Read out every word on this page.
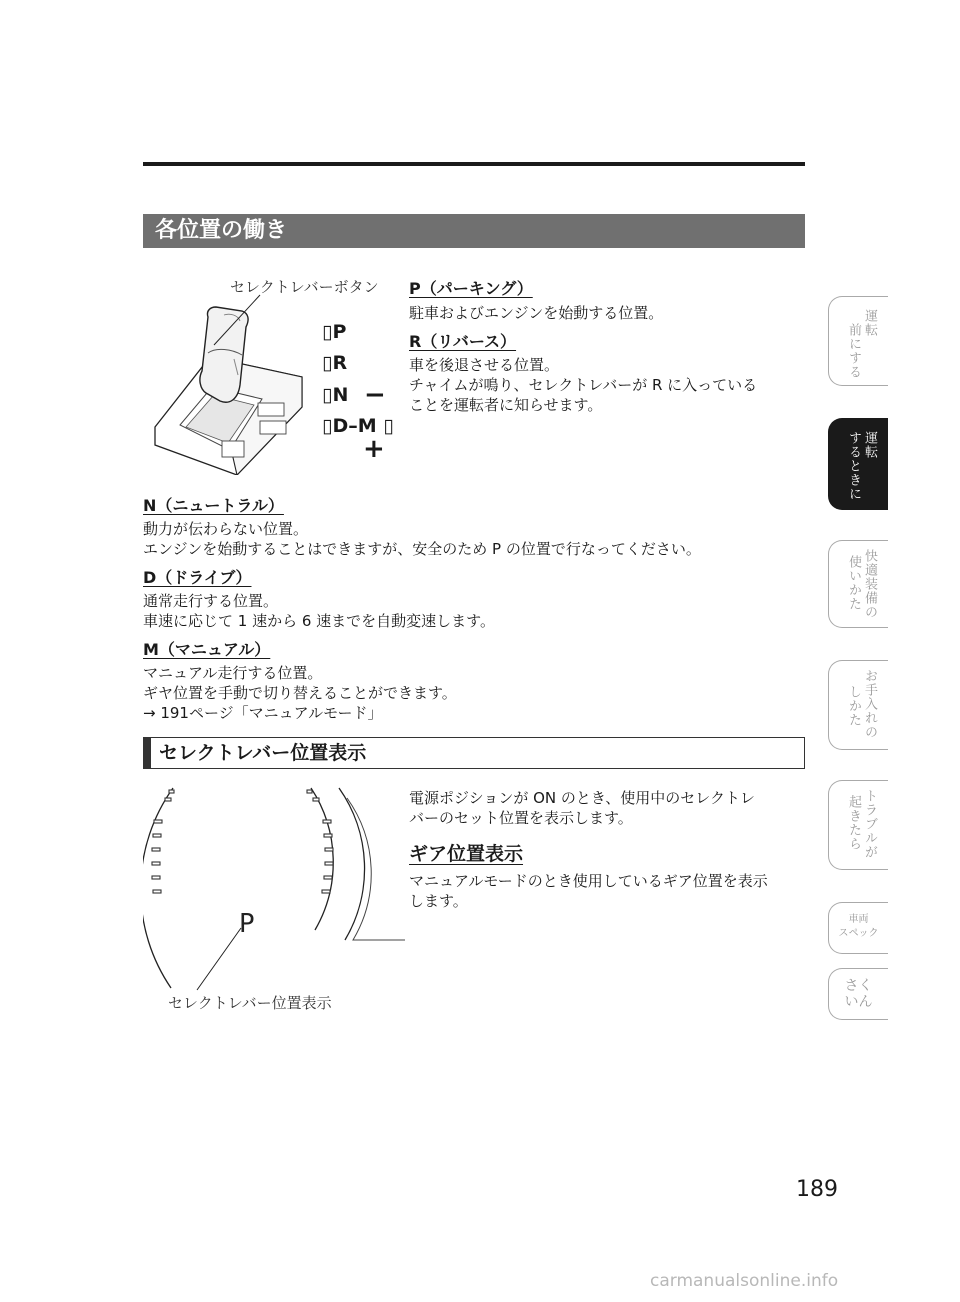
各位置の働き
セレクトレバーボタン
▯P
▯R
▯N
▯D–M ▯
−
+
P（パーキング）
駐車およびエンジンを始動する位置。
R（リバース）
車を後退させる位置。
チャイムが鳴り、セレクトレバーが R に入っている
ことを運転者に知らせます。
N（ニュートラル）
動力が伝わらない位置。
エンジンを始動することはできますが、安全のため P の位置で行なってください。
D（ドライブ）
通常走行する位置。
車速に応じて 1 速から 6 速までを自動変速します。
M（マニュアル）
マニュアル走行する位置。
ギヤ位置を手動で切り替えることができます。
→ 191ページ「マニュアルモード」
セレクトレバー位置表示
P
セレクトレバー位置表示
電源ポジションが ON のとき、使用中のセレクトレ
バーのセット位置を表示します。
ギア位置表示
マニュアルモードのとき使用しているギア位置を表示
します。
運転
前にする
運転
するときに
快適装備の
使いかた
お手入れの
しかた
トラブルが
起きたら
車両
スペック
さく
いん
189
carmanualsonline.info
